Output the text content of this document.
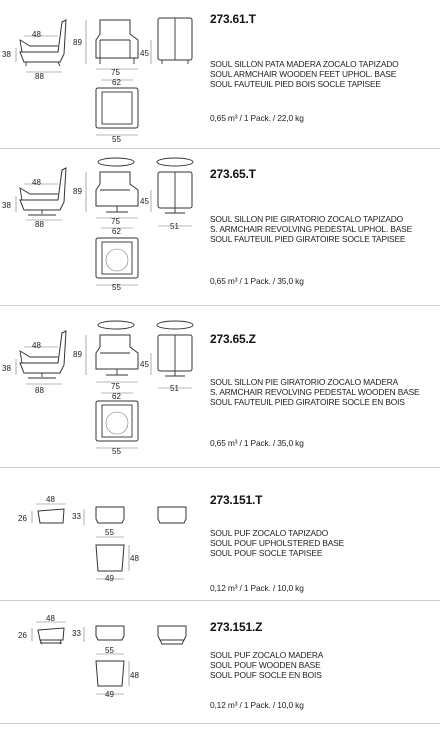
48
38
88
89
75
62
45
55
273.61.T
SOUL SILLON PATA MADERA ZOCALO TAPIZADO
SOUL ARMCHAIR WOODEN FEET UPHOL. BASE
SOUL FAUTEUIL PIED BOIS SOCLE TAPISEE
0,65 m³ / 1 Pack. / 22,0 kg
48
38
88
89
75
62
45
51
55
273.65.T
SOUL SILLON PIE GIRATORIO ZOCALO TAPIZADO
S. ARMCHAIR REVOLVING PEDESTAL UPHOL. BASE
SOUL FAUTEUIL PIED GIRATOIRE SOCLE TAPISEE
0,65 m³ / 1 Pack. / 35,0 kg
48
38
88
89
75
62
45
51
55
273.65.Z
SOUL SILLON PIE GIRATORIO ZOCALO MADERA
S. ARMCHAIR REVOLVING PEDESTAL WOODEN BASE
SOUL FAUTEUIL PIED GIRATOIRE SOCLE EN BOIS
0,65 m³ / 1 Pack. / 35,0 kg
48
26	33
55
48
49
273.151.T
SOUL PUF ZOCALO TAPIZADO
SOUL POUF UPHOLSTERED BASE
SOUL POUF SOCLE TAPISEE
0,12 m³ / 1 Pack. / 10,0 kg
48
26	33
55
48
49
273.151.Z
SOUL PUF ZOCALO MADERA
SOUL POUF WOODEN BASE
SOUL POUF SOCLE EN BOIS
0,12 m³ / 1 Pack. / 10,0 kg
